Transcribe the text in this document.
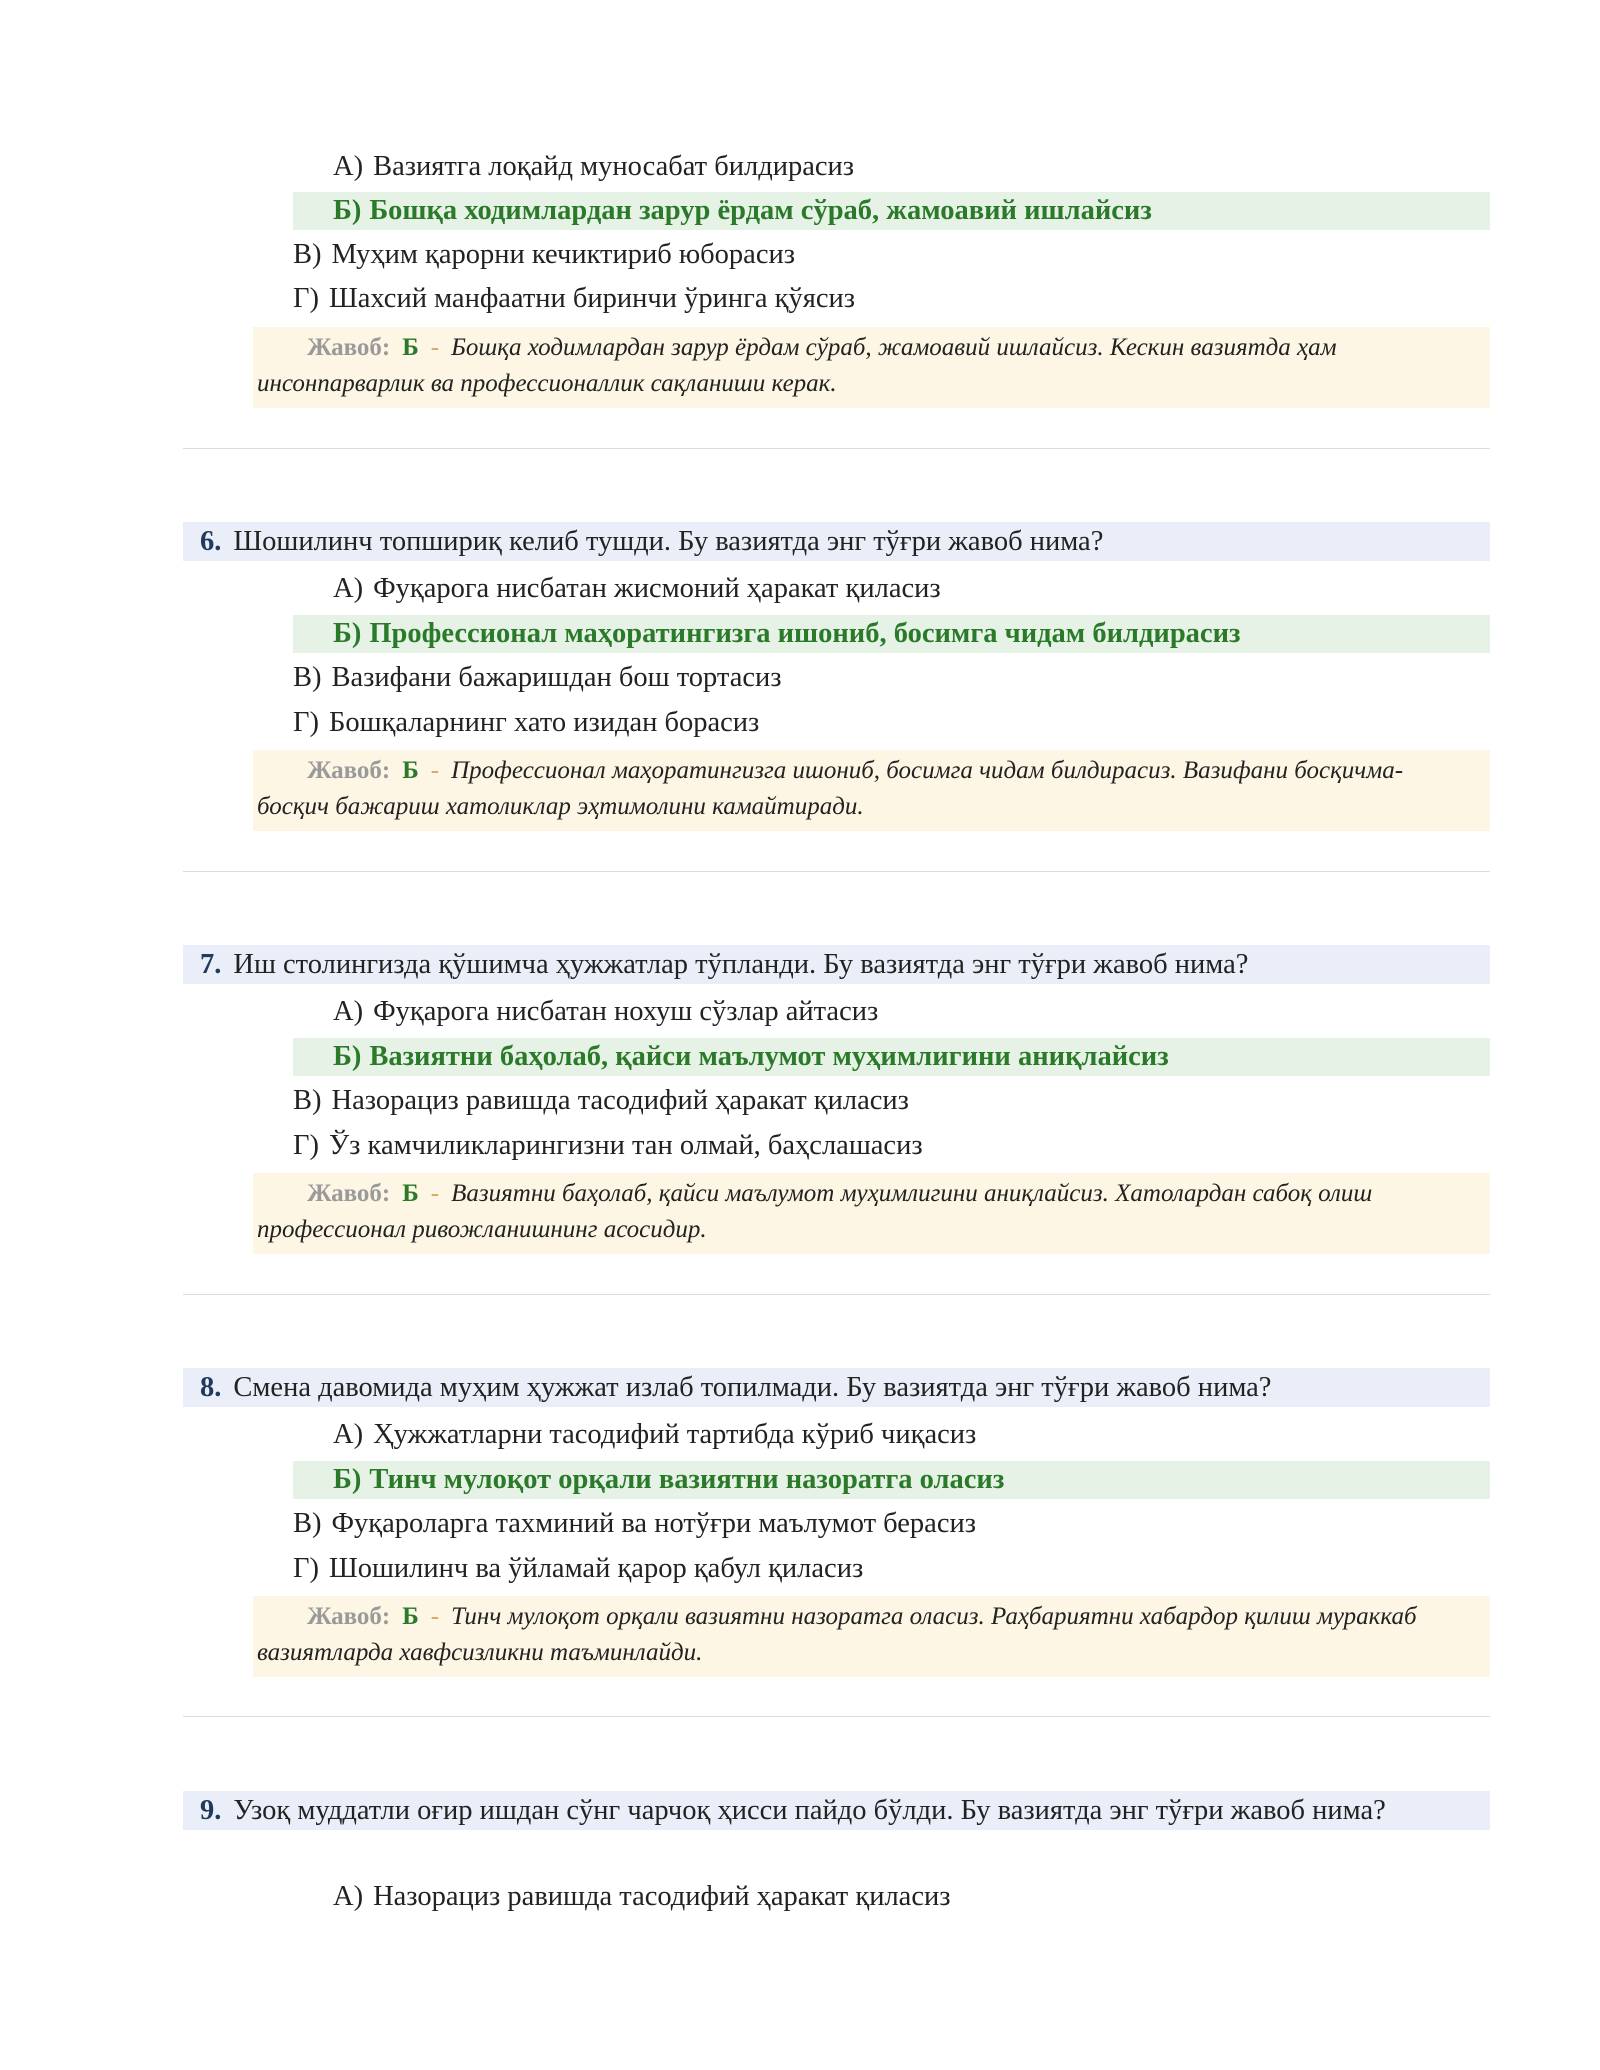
А) Вазиятга лоқайд муносабат билдирасиз
Б) Бошқа ходимлардан зарур ёрдам сўраб, жамоавий ишлайсиз
В) Муҳим қарорни кечиктириб юборасиз
Г) Шахсий манфаатни биринчи ўринга қўясиз
Жавоб: Б - Бошқа ходимлардан зарур ёрдам сўраб, жамоавий ишлайсиз. Кескин вазиятда ҳам инсонпарварлик ва профессионаллик сақланиши керак.
6. Шошилинч топшириқ келиб тушди. Бу вазиятда энг тўғри жавоб нима?
А) Фуқарога нисбатан жисмоний ҳаракат қиласиз
Б) Профессионал маҳоратингизга ишониб, босимга чидам билдирасиз
В) Вазифани бажаришдан бош тортасиз
Г) Бошқаларнинг хато изидан борасиз
Жавоб: Б - Профессионал маҳоратингизга ишониб, босимга чидам билдирасиз. Вазифани босқичма-босқич бажариш хатоликлар эҳтимолини камайтиради.
7. Иш столингизда қўшимча ҳужжатлар тўпланди. Бу вазиятда энг тўғри жавоб нима?
А) Фуқарога нисбатан нохуш сўзлар айтасиз
Б) Вазиятни баҳолаб, қайси маълумот муҳимлигини аниқлайсиз
В) Назорациз равишда тасодифий ҳаракат қиласиз
Г) Ўз камчиликларингизни тан олмай, баҳслашасиз
Жавоб: Б - Вазиятни баҳолаб, қайси маълумот муҳимлигини аниқлайсиз. Хатолардан сабоқ олиш профессионал ривожланишнинг асосидир.
8. Смена давомида муҳим ҳужжат излаб топилмади. Бу вазиятда энг тўғри жавоб нима?
А) Ҳужжатларни тасодифий тартибда кўриб чиқасиз
Б) Тинч мулоқот орқали вазиятни назоратга оласиз
В) Фуқароларга тахминий ва нотўғри маълумот берасиз
Г) Шошилинч ва ўйламай қарор қабул қиласиз
Жавоб: Б - Тинч мулоқот орқали вазиятни назоратга оласиз. Раҳбариятни хабардор қилиш мураккаб вазиятларда хавфсизликни таъминлайди.
9. Узоқ муддатли оғир ишдан сўнг чарчоқ ҳисси пайдо бўлди. Бу вазиятда энг тўғри жавоб нима?
А) Назорациз равишда тасодифий ҳаракат қиласиз
